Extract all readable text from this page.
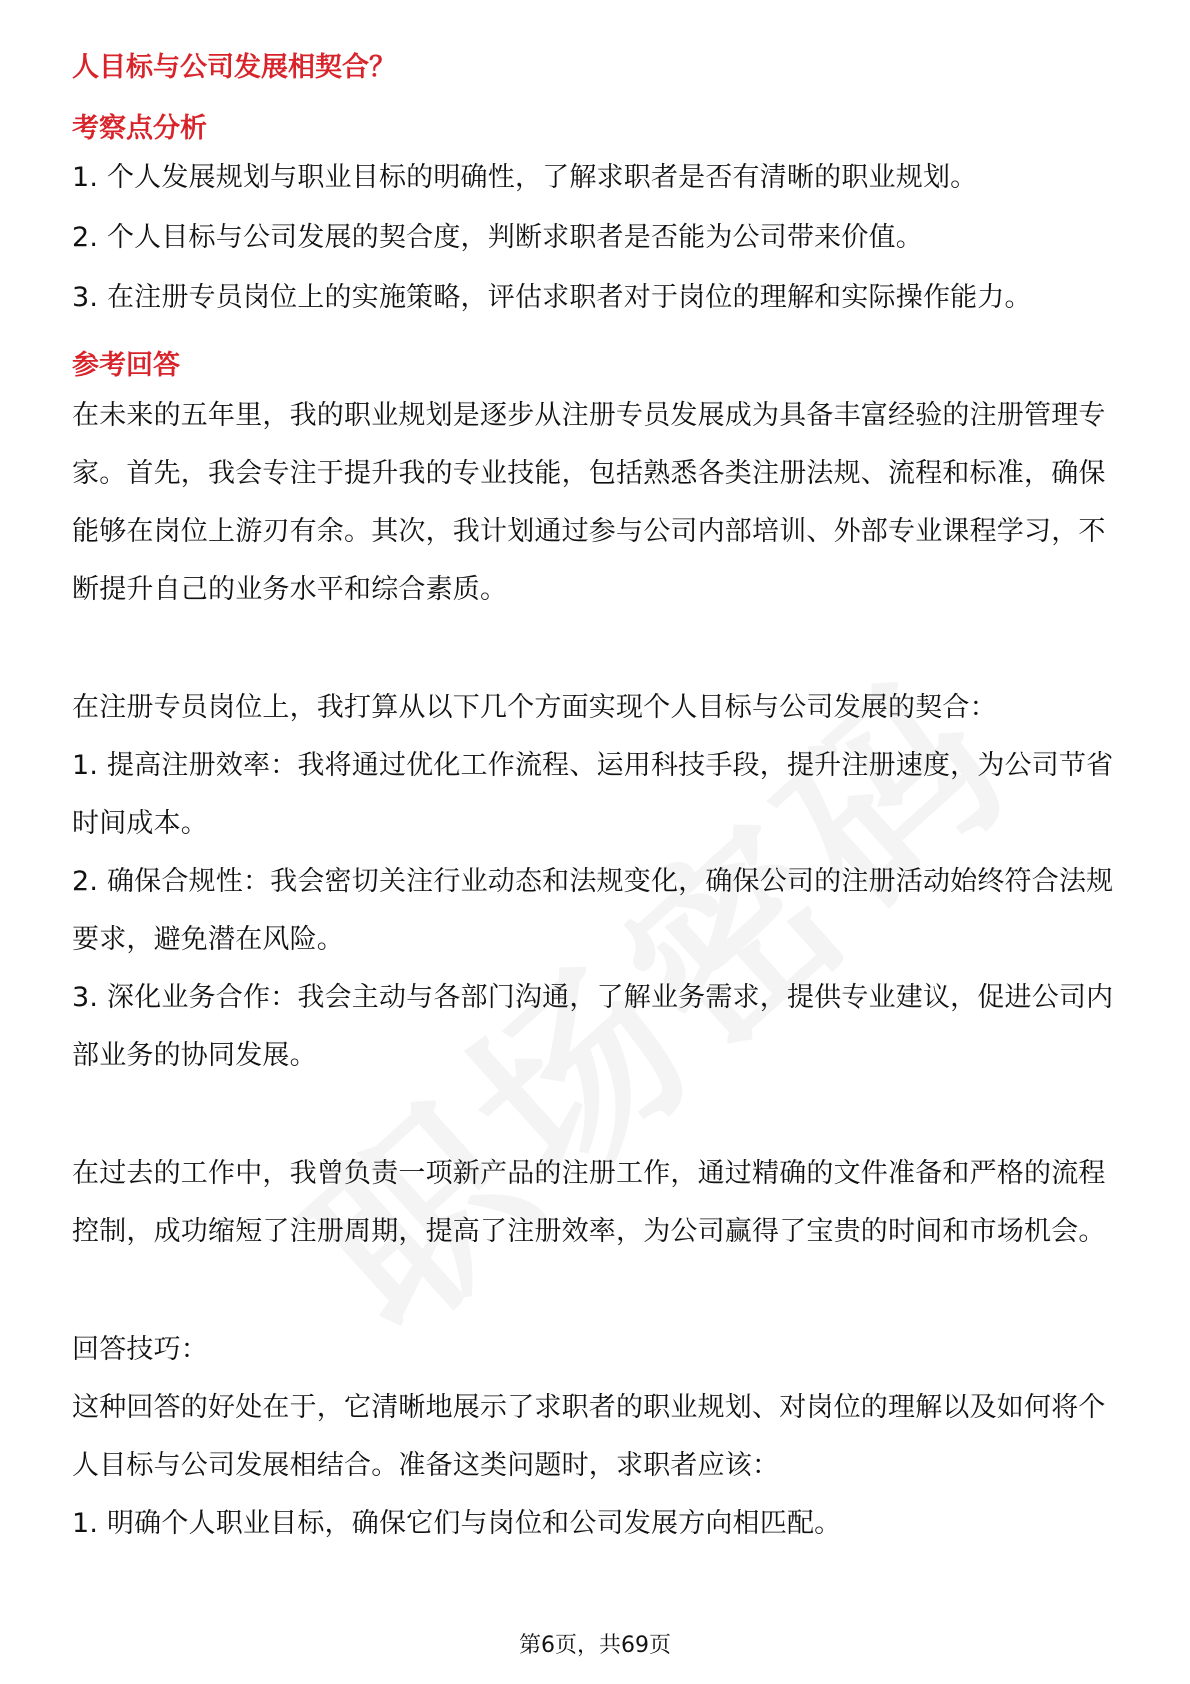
人目标与公司发展相契合？
考察点分析
1. 个人发展规划与职业目标的明确性，了解求职者是否有清晰的职业规划。
2. 个人目标与公司发展的契合度，判断求职者是否能为公司带来价值。
3. 在注册专员岗位上的实施策略，评估求职者对于岗位的理解和实际操作能力。
参考回答
在未来的五年里，我的职业规划是逐步从注册专员发展成为具备丰富经验的注册管理专家。首先，我会专注于提升我的专业技能，包括熟悉各类注册法规、流程和标准，确保能够在岗位上游刃有余。其次，我计划通过参与公司内部培训、外部专业课程学习，不断提升自己的业务水平和综合素质。
在注册专员岗位上，我打算从以下几个方面实现个人目标与公司发展的契合：
1. 提高注册效率：我将通过优化工作流程、运用科技手段，提升注册速度，为公司节省时间成本。
2. 确保合规性：我会密切关注行业动态和法规变化，确保公司的注册活动始终符合法规要求，避免潜在风险。
3. 深化业务合作：我会主动与各部门沟通，了解业务需求，提供专业建议，促进公司内部业务的协同发展。
在过去的工作中，我曾负责一项新产品的注册工作，通过精确的文件准备和严格的流程控制，成功缩短了注册周期，提高了注册效率，为公司赢得了宝贵的时间和市场机会。
回答技巧：
这种回答的好处在于，它清晰地展示了求职者的职业规划、对岗位的理解以及如何将个人目标与公司发展相结合。准备这类问题时，求职者应该：
1. 明确个人职业目标，确保它们与岗位和公司发展方向相匹配。
第6页，共69页
